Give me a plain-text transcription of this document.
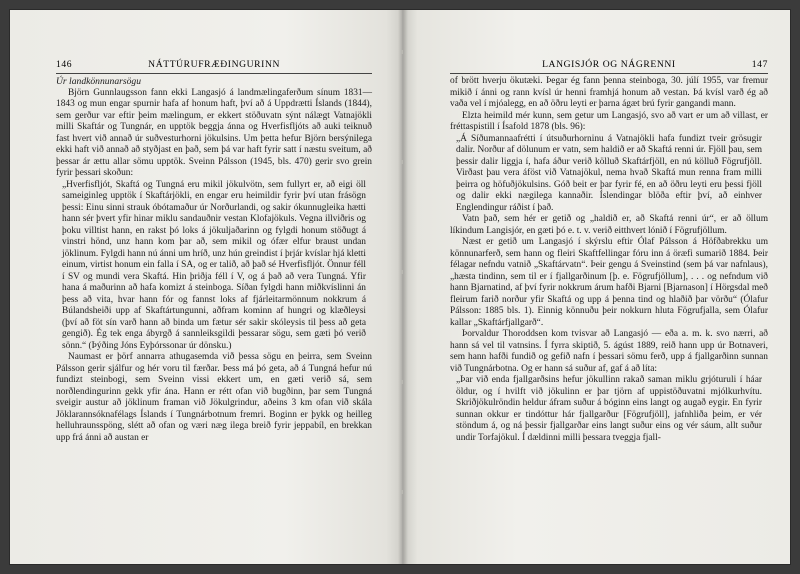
146	NÁTTÚRUFRÆÐINGURINN

Úr landkönnunarsögu

Björn Gunnlaugsson fann ekki Langasjó á landmælingaferðum sínum 1831—1843 og mun engar spurnir hafa af honum haft, því að á Uppdrætti Íslands (1844), sem gerður var eftir þeim mælingum, er ekkert stöðuvatn sýnt nálægt Vatnajökli milli Skaftár og Tungnár, en upptök beggja ánna og Hverfisfljóts að auki teiknuð fast hvert við annað úr suðvesturhorni jökulsins. Um þetta hefur Björn bersýnilega ekki haft við annað að styðjast en það, sem þá var haft fyrir satt í næstu sveitum, að þessar ár ættu allar sömu upptök. Sveinn Pálsson (1945, bls. 470) gerir svo grein fyrir þessari skoðun:

„Hverfisfljót, Skaftá og Tungná eru mikil jökulvötn, sem fullyrt er, að eigi öll sameiginleg upptök í Skaftárjökli, en engar eru heimildir fyrir því utan frásögn þessi: Einu sinni strauk óbótamaður úr Norðurlandi, og sakir ókunnugleika hætti hann sér þvert yfir hinar miklu sandauðnir vestan Klofajökuls. Vegna illviðris og þoku villtist hann, en rakst þó loks á jökuljaðarinn og fylgdi honum stöðugt á vinstri hönd, unz hann kom þar að, sem mikil og ófær elfur braust undan jöklinum. Fylgdi hann nú ánni um hríð, unz hún greindist í þrjár kvíslar hjá kletti einum, virtist honum ein falla í SA, og er talið, að það sé Hverfisfljót. Önnur féll í SV og mundi vera Skaftá. Hin þriðja féll í V, og á það að vera Tungná. Yfir hana á maðurinn að hafa komizt á steinboga. Síðan fylgdi hann miðkvíslinni án þess að vita, hvar hann fór og fannst loks af fjárleitarmönnum nokkrum á Búlandsheiði upp af Skaftártungunni, aðfram kominn af hungri og klæðleysi (því að föt sín varð hann að binda um fætur sér sakir skóleysis til þess að geta gengið). Ég tek enga ábyrgð á sannleiksgildi þessarar sögu, sem gæti þó verið sönn.“ (Þýðing Jóns Eyþórssonar úr dönsku.)

Naumast er þörf annarra athugasemda við þessa sögu en þeirra, sem Sveinn Pálsson gerir sjálfur og hér voru til færðar. Þess má þó geta, að á Tungná hefur nú fundizt steinbogi, sem Sveinn vissi ekkert um, en gæti verið sá, sem norðlendingurinn gekk yfir ána. Hann er rétt ofan við bugðinn, þar sem Tungná sveigir austur að jöklinum framan við Jökulgrindur, aðeins 3 km ofan við skála Jöklarannsóknafélags Íslands í Tungnárbotnum fremri. Boginn er þykk og heilleg helluhraunsspöng, slétt að ofan og væri næg ilega breið fyrir jeppabíl, en brekkan upp frá ánni að austan er

LANGISJÓR OG NÁGRENNI	147

of brött hverju ökutæki. Þegar ég fann þenna steinboga, 30. júlí 1955, var fremur mikið í ánni og rann kvísl úr henni framhjá honum að vestan. Þá kvísl varð ég að vaða vel í mjóalegg, en að öðru leyti er þarna ágæt brú fyrir gangandi mann.

Elzta heimild mér kunn, sem getur um Langasjó, svo að vart er um að villast, er fréttaspistill í Ísafold 1878 (bls. 96):

„Á Síðumannaafrétti í útsuðurhorninu á Vatnajökli hafa fundizt tveir grösugir dalir. Norður af dölunum er vatn, sem haldið er að Skaftá renni úr. Fjöll þau, sem þessir dalir liggja í, hafa áður verið kölluð Skaftárfjöll, en nú kölluð Fögrufjöll. Virðast þau vera áföst við Vatnajökul, nema hvað Skaftá mun renna fram milli þeirra og höfuðjökulsins. Góð beit er þar fyrir fé, en að öðru leyti eru þessi fjöll og dalir ekki nægilega kannaðir. Íslendingar blöða eftir því, að einhver Englendingur ráðist í það.

Vatn það, sem hér er getið og „haldið er, að Skaftá renni úr“, er að öllum líkindum Langisjór, en gæti þó e. t. v. verið eitthvert lónið í Fögrufjöllum.

Næst er getið um Langasjó í skýrslu eftir Ólaf Pálsson á Höfðabrekku um könnunarferð, sem hann og fleiri Skaftfellingar fóru inn á öræfi sumarið 1884. Þeir félagar nefndu vatnið „Skaftárvatn“. Þeir gengu á Sveinstind (sem þá var nafnlaus), „hæsta tindinn, sem til er í fjallgarðinum [þ. e. Fögrufjöllum], . . . og nefndum við hann Bjarnatind, af því fyrir nokkrum árum hafði Bjarni [Bjarnason] í Hörgsdal með fleirum farið norður yfir Skaftá og upp á þenna tind og hlaðið þar vörðu“ (Ólafur Pálsson: 1885 bls. 1). Einnig könnuðu þeir nokkurn hluta Fögrufjalla, sem Ólafur kallar „Skaftárfjallgarð“.

Þorvaldur Thoroddsen kom tvisvar að Langasjó — eða a. m. k. svo nærri, að hann sá vel til vatnsins. Í fyrra skiptið, 5. ágúst 1889, reið hann upp úr Botnaveri, sem hann hafði fundið og gefið nafn í þessari sömu ferð, upp á fjallgarðinn sunnan við Tungnárbotna. Og er hann sá suður af, gaf á að líta:

„Þar við enda fjallgarðsins hefur jökullinn rakað saman miklu grjóturuli í háar öldur, og í hvilft við jökulinn er þar tjörn af uppistöðuvatni mjólkurhvítu. Skriðjökulröndin heldur áfram suður á bóginn eins langt og augað eygir. En fyrir sunnan okkur er tindóttur hár fjallgarður [Fögrufjöll], jafnhliða þeim, er vér stöndum á, og ná þessir fjallgarðar eins langt suður eins og vér sáum, allt suður undir Torfajökul. Í dældinni milli þessara tveggja fjall-
